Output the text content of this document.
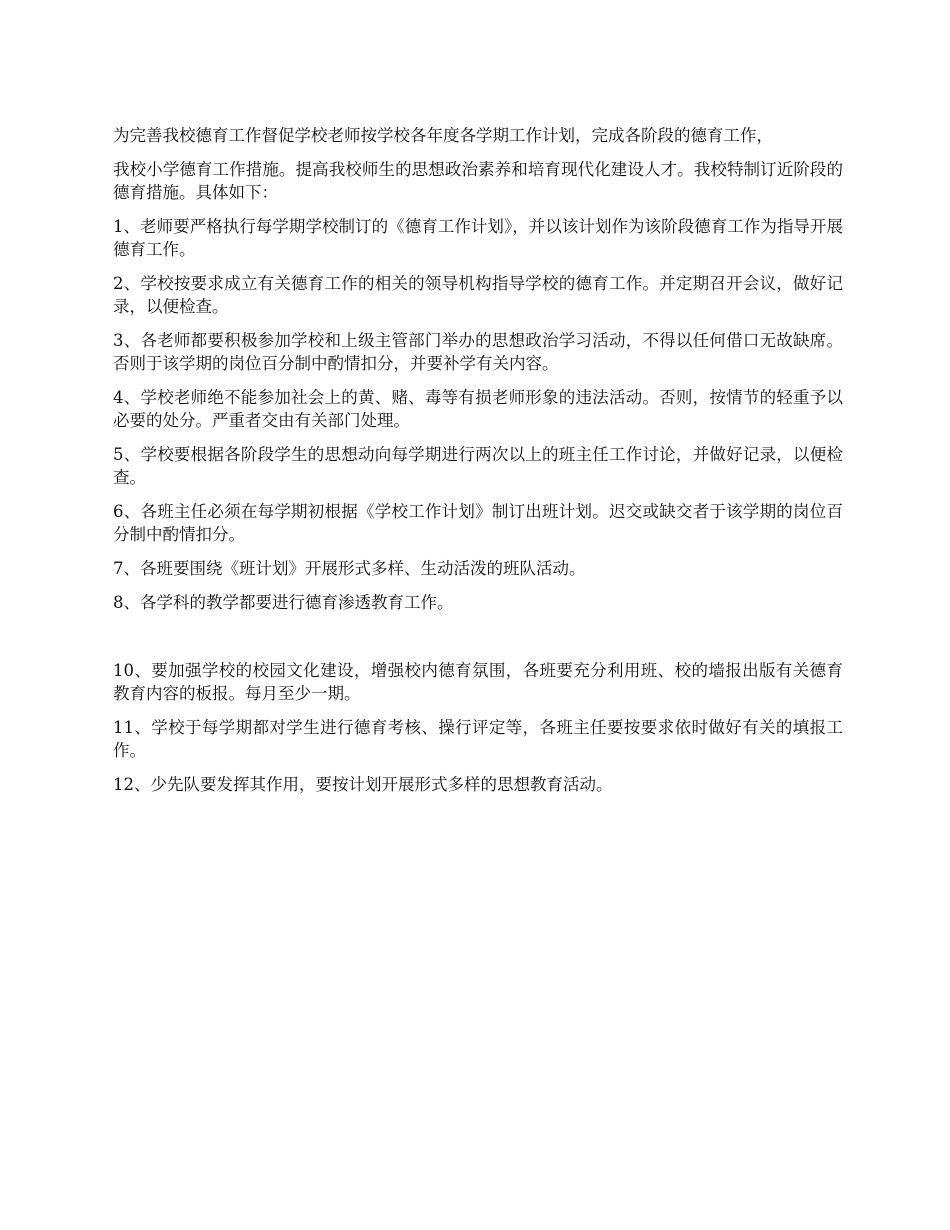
为完善我校德育工作督促学校老师按学校各年度各学期工作计划，完成各阶段的德育工作，

我校小学德育工作措施。提高我校师生的思想政治素养和培育现代化建设人才。我校特制订近阶段的德育措施。具体如下：

1、老师要严格执行每学期学校制订的《德育工作计划》，并以该计划作为该阶段德育工作为指导开展德育工作。

2、学校按要求成立有关德育工作的相关的领导机构指导学校的德育工作。并定期召开会议，做好记录，以便检查。

3、各老师都要积极参加学校和上级主管部门举办的思想政治学习活动，不得以任何借口无故缺席。否则于该学期的岗位百分制中酌情扣分，并要补学有关内容。

4、学校老师绝不能参加社会上的黄、赌、毒等有损老师形象的违法活动。否则，按情节的轻重予以必要的处分。严重者交由有关部门处理。

5、学校要根据各阶段学生的思想动向每学期进行两次以上的班主任工作讨论，并做好记录，以便检查。

6、各班主任必须在每学期初根据《学校工作计划》制订出班计划。迟交或缺交者于该学期的岗位百分制中酌情扣分。

7、各班要围绕《班计划》开展形式多样、生动活泼的班队活动。

8、各学科的教学都要进行德育渗透教育工作。

10、要加强学校的校园文化建设，增强校内德育氛围，各班要充分利用班、校的墙报出版有关德育教育内容的板报。每月至少一期。

11、学校于每学期都对学生进行德育考核、操行评定等，各班主任要按要求依时做好有关的填报工作。

12、少先队要发挥其作用，要按计划开展形式多样的思想教育活动。
